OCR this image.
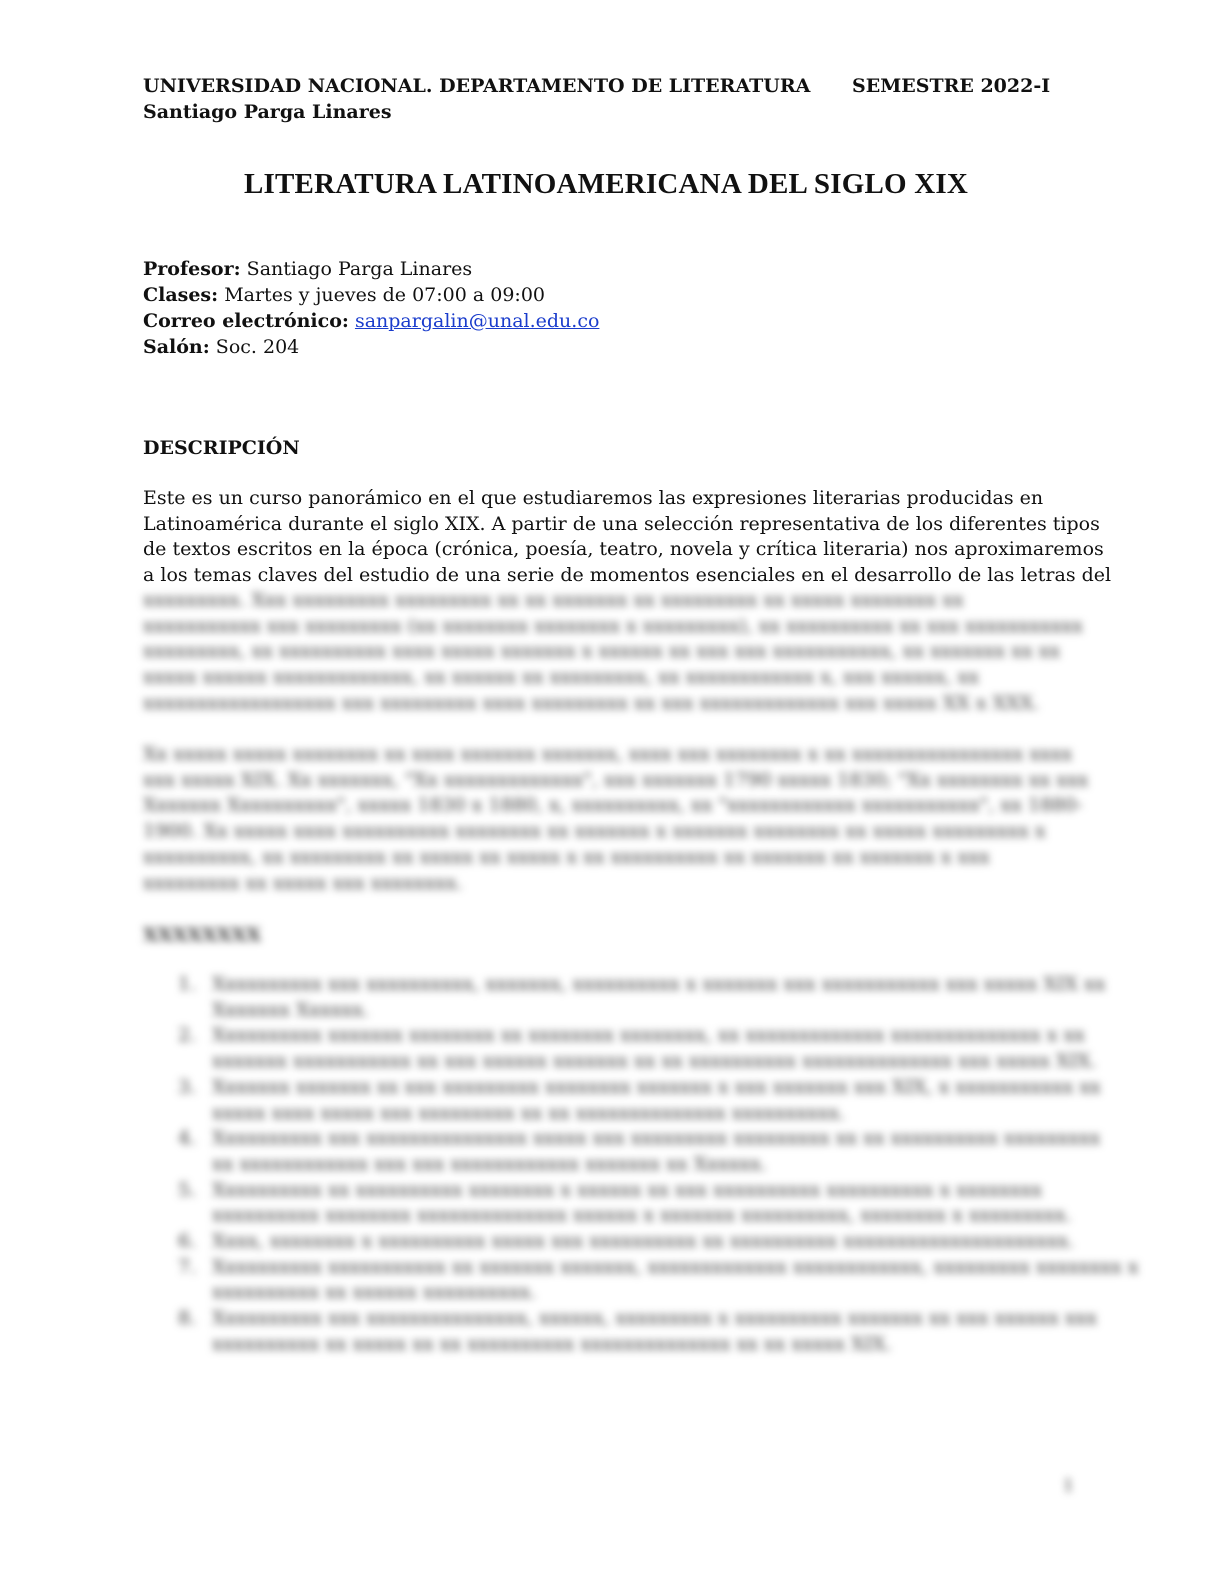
UNIVERSIDAD NACIONAL. DEPARTAMENTO DE LITERATURA SEMESTRE 2022-I
Santiago Parga Linares
LITERATURA LATINOAMERICANA DEL SIGLO XIX
Profesor: Santiago Parga Linares
Clases: Martes y jueves de 07:00 a 09:00
Correo electrónico: sanpargalin@unal.edu.co
Salón: Soc. 204
DESCRIPCIÓN
Este es un curso panorámico en el que estudiaremos las expresiones literarias producidas en
Latinoamérica durante el siglo XIX. A partir de una selección representativa de los diferentes tipos
de textos escritos en la época (crónica, poesía, teatro, novela y crítica literaria) nos aproximaremos
a los temas claves del estudio de una serie de momentos esenciales en el desarrollo de las letras del
xxxxxxxxx. Xxx xxxxxxxxx xxxxxxxxx xx xx xxxxxxx xx xxxxxxxxx xx xxxxx xxxxxxxx xx
xxxxxxxxxxx xxx xxxxxxxxx (xx xxxxxxxx xxxxxxxx x xxxxxxxxx), xx xxxxxxxxxx xx xxx xxxxxxxxxxx
xxxxxxxxx, xx xxxxxxxxxx xxxx xxxxx xxxxxxx x xxxxxx xx xxx xxx xxxxxxxxxxx, xx xxxxxxx xx xx
xxxxx xxxxxx xxxxxxxxxxxxx, xx xxxxxx xx xxxxxxxxx, xx xxxxxxxxxxxx x, xxx xxxxxx, xx
xxxxxxxxxxxxxxxxxx xxx xxxxxxxxx xxxx xxxxxxxxx xx xxx xxxxxxxxxxxxx xxx xxxxx XX x XXX.
Xx xxxxx xxxxx xxxxxxxx xx xxxx xxxxxxx xxxxxxx, xxxx xxx xxxxxxxx x xx xxxxxxxxxxxxxxxx xxxx
xxx xxxxx XIX. Xx xxxxxxx, "Xx xxxxxxxxxxxxx", xxx xxxxxxx 1790 xxxxx 1830; "Xx xxxxxxxx xx xxx
Xxxxxxx Xxxxxxxxxx", xxxxx 1830 x 1880, x, xxxxxxxxxx, xx "xxxxxxxxxxxx xxxxxxxxxxx", xx 1880-
1900. Xx xxxxx xxxx xxxxxxxxxx xxxxxxxx xx xxxxxxx x xxxxxxx xxxxxxxx xx xxxxx xxxxxxxxx x
xxxxxxxxxx, xx xxxxxxxxx xx xxxxx xx xxxxx x xx xxxxxxxxxx xx xxxxxxx xx xxxxxxx x xxx
xxxxxxxxx xx xxxxx xxx xxxxxxxx.
XXXXXXXX
1. Xxxxxxxxxx xxx xxxxxxxxxx, xxxxxxx, xxxxxxxxxx x xxxxxxx xxx xxxxxxxxxxx xxx xxxxx XIX xx
Xxxxxxx Xxxxxx.
2. Xxxxxxxxxx xxxxxxx xxxxxxxx xx xxxxxxxx xxxxxxxx, xx xxxxxxxxxxxxx xxxxxxxxxxxxxx x xx
xxxxxxx xxxxxxxxxxx xx xxx xxxxxx xxxxxxx xx xx xxxxxxxxxx xxxxxxxxxxxxxx xxx xxxxx XIX.
3. Xxxxxxx xxxxxxx xx xxx xxxxxxxxx xxxxxxxx xxxxxxx x xxx xxxxxxx xxx XIX, x xxxxxxxxxxx xx
xxxxx xxxx xxxxx xxx xxxxxxxxx xx xx xxxxxxxxxxxxxx xxxxxxxxxx.
4. Xxxxxxxxxx xxx xxxxxxxxxxxxxxx xxxxx xxx xxxxxxxxx xxxxxxxxx xx xx xxxxxxxxxx xxxxxxxxx
xx xxxxxxxxxxxx xxx xxx xxxxxxxxxxxx xxxxxxx xx Xxxxxx.
5. Xxxxxxxxxx xx xxxxxxxxxx xxxxxxxx x xxxxxx xx xxx xxxxxxxxxx xxxxxxxxxx x xxxxxxxx
xxxxxxxxxx xxxxxxxx xxxxxxxxxxxxxx xxxxxx x xxxxxxx xxxxxxxxxx, xxxxxxxx x xxxxxxxxx.
6. Xxxx, xxxxxxxx x xxxxxxxxxx xxxxx xxx xxxxxxxxxx xx xxxxxxxxxx xxxxxxxxxxxxxxxxxxxxx.
7. Xxxxxxxxxx xxxxxxxxxxx xx xxxxxxx xxxxxxx, xxxxxxxxxxxxx xxxxxxxxxxxx, xxxxxxxxx xxxxxxxx x
xxxxxxxxxx xx xxxxxx xxxxxxxxxx.
8. Xxxxxxxxxx xxx xxxxxxxxxxxxxxx, xxxxxx, xxxxxxxxx x xxxxxxxxxx xxxxxxx xx xxx xxxxxx xxx
xxxxxxxxxx xx xxxxx xx xx xxxxxxxxxx xxxxxxxxxxxxxx xx xx xxxxx XIX.
1
